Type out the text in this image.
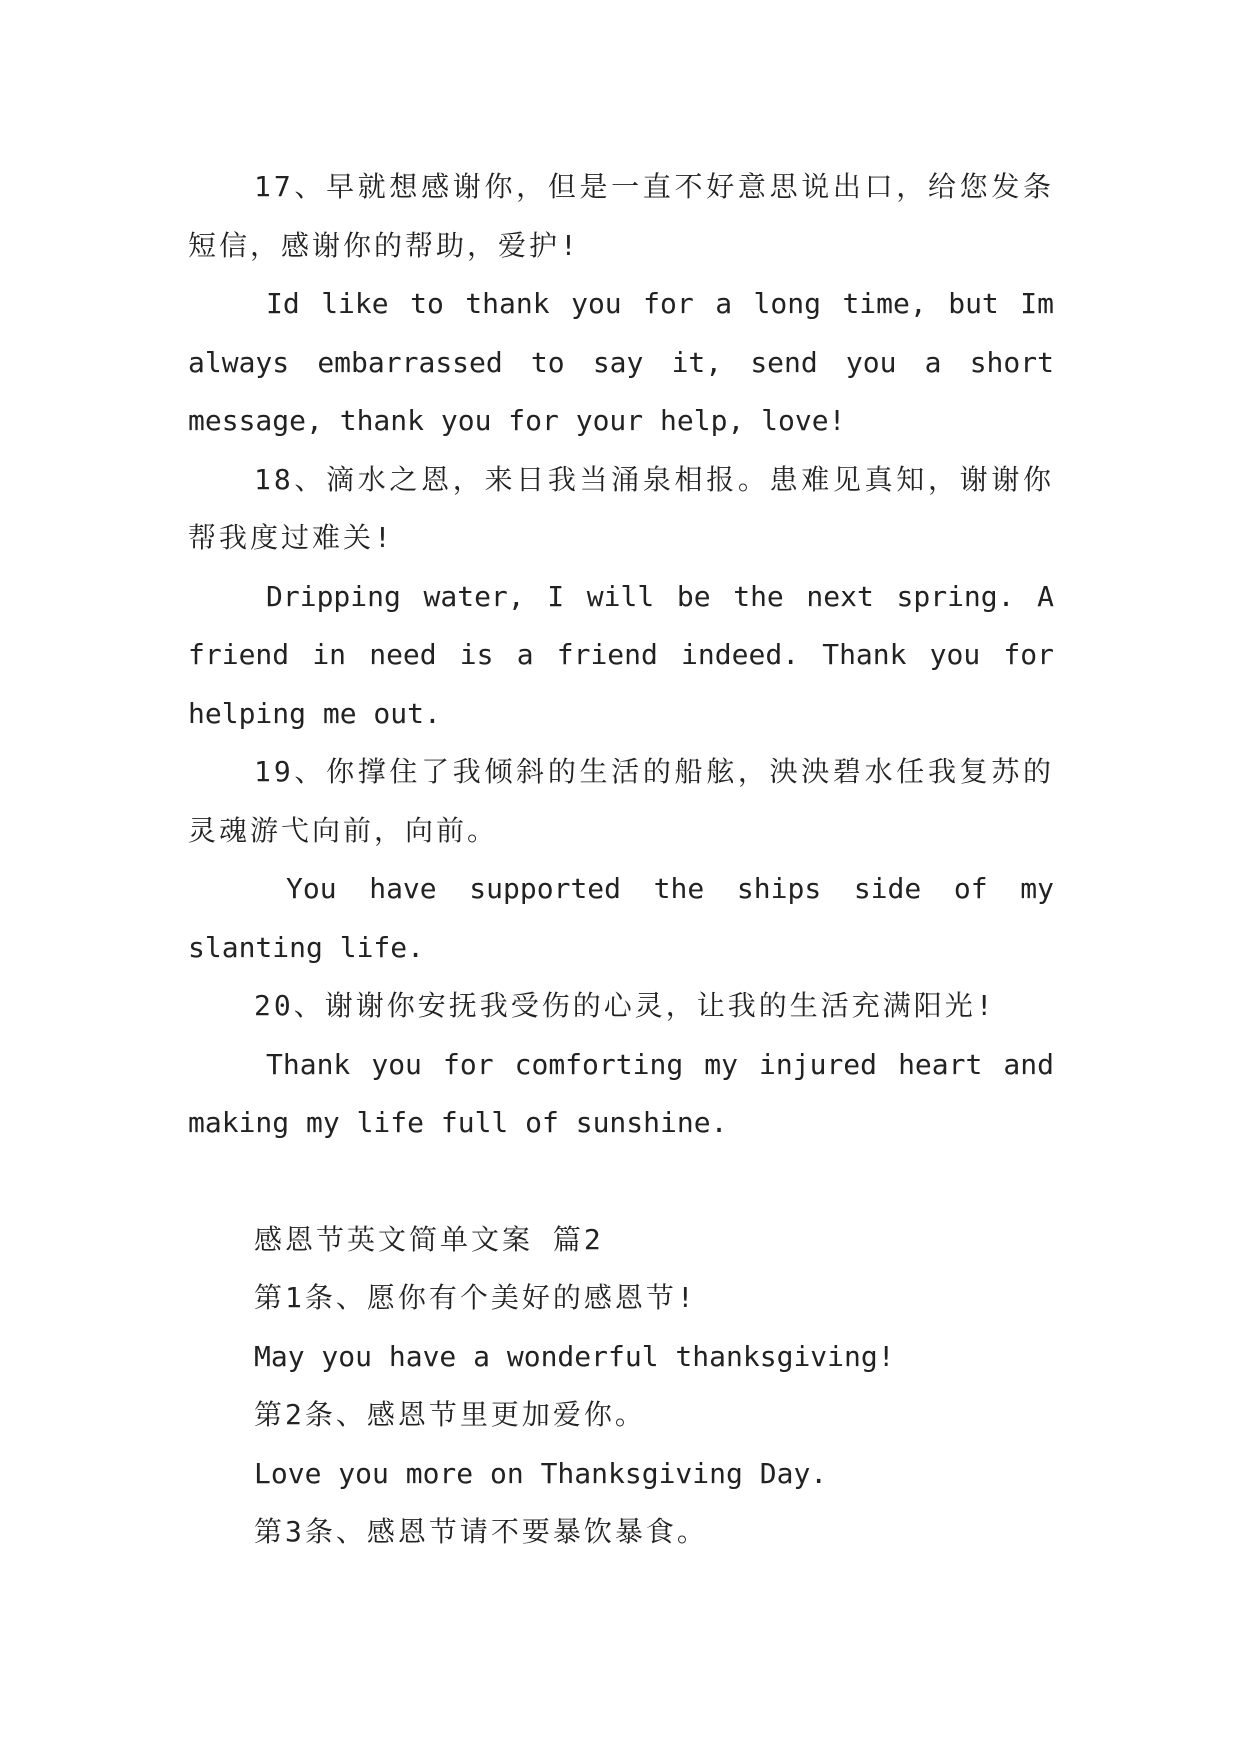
17、早就想感谢你，但是一直不好意思说出口，给您发条短信，感谢你的帮助，爱护!

Id like to thank you for a long time, but Im always embarrassed to say it, send you a short message, thank you for your help, love!

18、滴水之恩，来日我当涌泉相报。患难见真知，谢谢你帮我度过难关!

Dripping water, I will be the next spring. A friend in need is a friend indeed. Thank you for helping me out.

19、你撑住了我倾斜的生活的船舷，泱泱碧水任我复苏的灵魂游弋向前，向前。

You have supported the ships side of my slanting life.

20、谢谢你安抚我受伤的心灵，让我的生活充满阳光!

Thank you for comforting my injured heart and making my life full of sunshine.

感恩节英文简单文案 篇2

第1条、愿你有个美好的感恩节!

May you have a wonderful thanksgiving!

第2条、感恩节里更加爱你。

Love you more on Thanksgiving Day.

第3条、感恩节请不要暴饮暴食。
